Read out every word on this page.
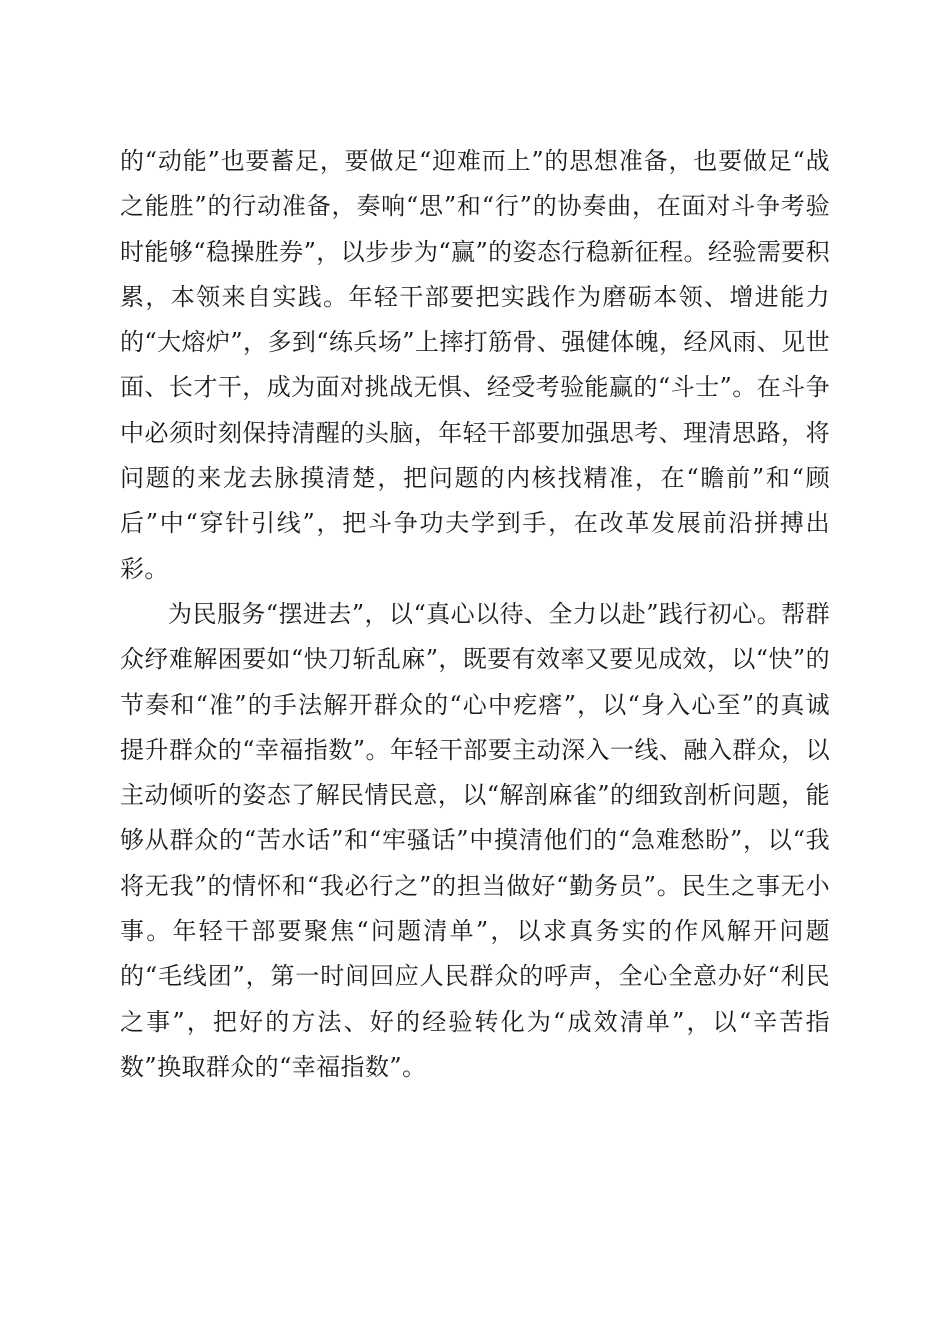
的“动能”也要蓄足，要做足“迎难而上”的思想准备，也要做足“战之能胜”的行动准备，奏响“思”和“行”的协奏曲，在面对斗争考验时能够“稳操胜券”，以步步为“赢”的姿态行稳新征程。经验需要积累，本领来自实践。年轻干部要把实践作为磨砺本领、增进能力的“大熔炉”，多到“练兵场”上摔打筋骨、强健体魄，经风雨、见世面、长才干，成为面对挑战无惧、经受考验能赢的“斗士”。在斗争中必须时刻保持清醒的头脑，年轻干部要加强思考、理清思路，将问题的来龙去脉摸清楚，把问题的内核找精准，在“瞻前”和“顾后”中“穿针引线”，把斗争功夫学到手，在改革发展前沿拼搏出彩。

为民服务“摆进去”，以“真心以待、全力以赴”践行初心。帮群众纾难解困要如“快刀斩乱麻”，既要有效率又要见成效，以“快”的节奏和“准”的手法解开群众的“心中疙瘩”，以“身入心至”的真诚提升群众的“幸福指数”。年轻干部要主动深入一线、融入群众，以主动倾听的姿态了解民情民意，以“解剖麻雀”的细致剖析问题，能够从群众的“苦水话”和“牢骚话”中摸清他们的“急难愁盼”，以“我将无我”的情怀和“我必行之”的担当做好“勤务员”。民生之事无小事。年轻干部要聚焦“问题清单”，以求真务实的作风解开问题的“毛线团”，第一时间回应人民群众的呼声，全心全意办好“利民之事”，把好的方法、好的经验转化为“成效清单”，以“辛苦指数”换取群众的“幸福指数”。
